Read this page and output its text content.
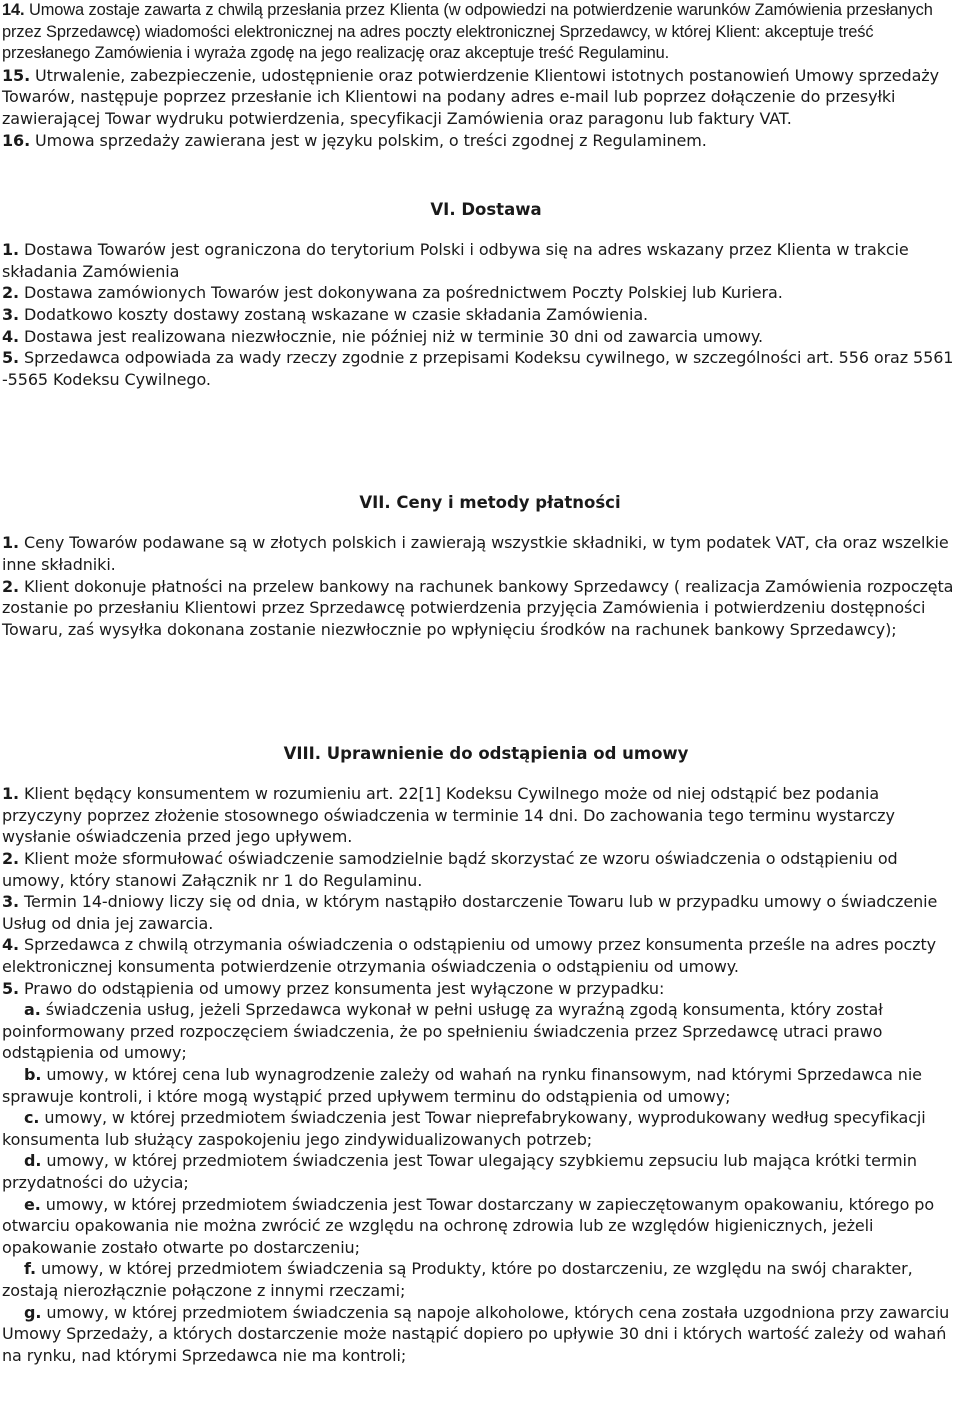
14. Umowa zostaje zawarta z chwilą przesłania przez Klienta (w odpowiedzi na potwierdzenie warunków Zamówienia przesłanych przez Sprzedawcę) wiadomości elektronicznej na adres poczty elektronicznej Sprzedawcy, w której Klient: akceptuje treść przesłanego Zamówienia i wyraża zgodę na jego realizację oraz akceptuje treść Regulaminu.

15. Utrwalenie, zabezpieczenie, udostępnienie oraz potwierdzenie Klientowi istotnych postanowień Umowy sprzedaży Towarów, następuje poprzez przesłanie ich Klientowi na podany adres e-mail lub poprzez dołączenie do przesyłki zawierającej Towar wydruku potwierdzenia, specyfikacji Zamówienia oraz paragonu lub faktury VAT.

16. Umowa sprzedaży zawierana jest w języku polskim, o treści zgodnej z Regulaminem.

VI. Dostawa

1. Dostawa Towarów jest ograniczona do terytorium Polski i odbywa się na adres wskazany przez Klienta w trakcie składania Zamówienia

2. Dostawa zamówionych Towarów jest dokonywana za pośrednictwem Poczty Polskiej lub Kuriera.

3. Dodatkowo koszty dostawy zostaną wskazane w czasie składania Zamówienia.

4. Dostawa jest realizowana niezwłocznie, nie później niż w terminie 30 dni od zawarcia umowy.

5. Sprzedawca odpowiada za wady rzeczy zgodnie z przepisami Kodeksu cywilnego, w szczególności art. 556 oraz 5561 -5565 Kodeksu Cywilnego.

VII. Ceny i metody płatności

1. Ceny Towarów podawane są w złotych polskich i zawierają wszystkie składniki, w tym podatek VAT, cła oraz wszelkie inne składniki.

2. Klient dokonuje płatności na przelew bankowy na rachunek bankowy Sprzedawcy ( realizacja Zamówienia rozpoczęta zostanie po przesłaniu Klientowi przez Sprzedawcę potwierdzenia przyjęcia Zamówienia i potwierdzeniu dostępności Towaru, zaś wysyłka dokonana zostanie niezwłocznie po wpłynięciu środków na rachunek bankowy Sprzedawcy);

VIII. Uprawnienie do odstąpienia od umowy

1. Klient będący konsumentem w rozumieniu art. 22[1] Kodeksu Cywilnego może od niej odstąpić bez podania przyczyny poprzez złożenie stosownego oświadczenia w terminie 14 dni. Do zachowania tego terminu wystarczy wysłanie oświadczenia przed jego upływem.

2. Klient może sformułować oświadczenie samodzielnie bądź skorzystać ze wzoru oświadczenia o odstąpieniu od umowy, który stanowi Załącznik nr 1 do Regulaminu.

3. Termin 14-dniowy liczy się od dnia, w którym nastąpiło dostarczenie Towaru lub w przypadku umowy o świadczenie Usług od dnia jej zawarcia.

4. Sprzedawca z chwilą otrzymania oświadczenia o odstąpieniu od umowy przez konsumenta prześle na adres poczty elektronicznej konsumenta potwierdzenie otrzymania oświadczenia o odstąpieniu od umowy.

5. Prawo do odstąpienia od umowy przez konsumenta jest wyłączone w przypadku:

a. świadczenia usług, jeżeli Sprzedawca wykonał w pełni usługę za wyraźną zgodą konsumenta, który został poinformowany przed rozpoczęciem świadczenia, że po spełnieniu świadczenia przez Sprzedawcę utraci prawo odstąpienia od umowy;

b. umowy, w której cena lub wynagrodzenie zależy od wahań na rynku finansowym, nad którymi Sprzedawca nie sprawuje kontroli, i które mogą wystąpić przed upływem terminu do odstąpienia od umowy;

c. umowy, w której przedmiotem świadczenia jest Towar nieprefabrykowany, wyprodukowany według specyfikacji konsumenta lub służący zaspokojeniu jego zindywidualizowanych potrzeb;

d. umowy, w której przedmiotem świadczenia jest Towar ulegający szybkiemu zepsuciu lub mająca krótki termin przydatności do użycia;

e. umowy, w której przedmiotem świadczenia jest Towar dostarczany w zapieczętowanym opakowaniu, którego po otwarciu opakowania nie można zwrócić ze względu na ochronę zdrowia lub ze względów higienicznych, jeżeli opakowanie zostało otwarte po dostarczeniu;

f. umowy, w której przedmiotem świadczenia są Produkty, które po dostarczeniu, ze względu na swój charakter, zostają nierozłącznie połączone z innymi rzeczami;

g. umowy, w której przedmiotem świadczenia są napoje alkoholowe, których cena została uzgodniona przy zawarciu Umowy Sprzedaży, a których dostarczenie może nastąpić dopiero po upływie 30 dni i których wartość zależy od wahań na rynku, nad którymi Sprzedawca nie ma kontroli;
